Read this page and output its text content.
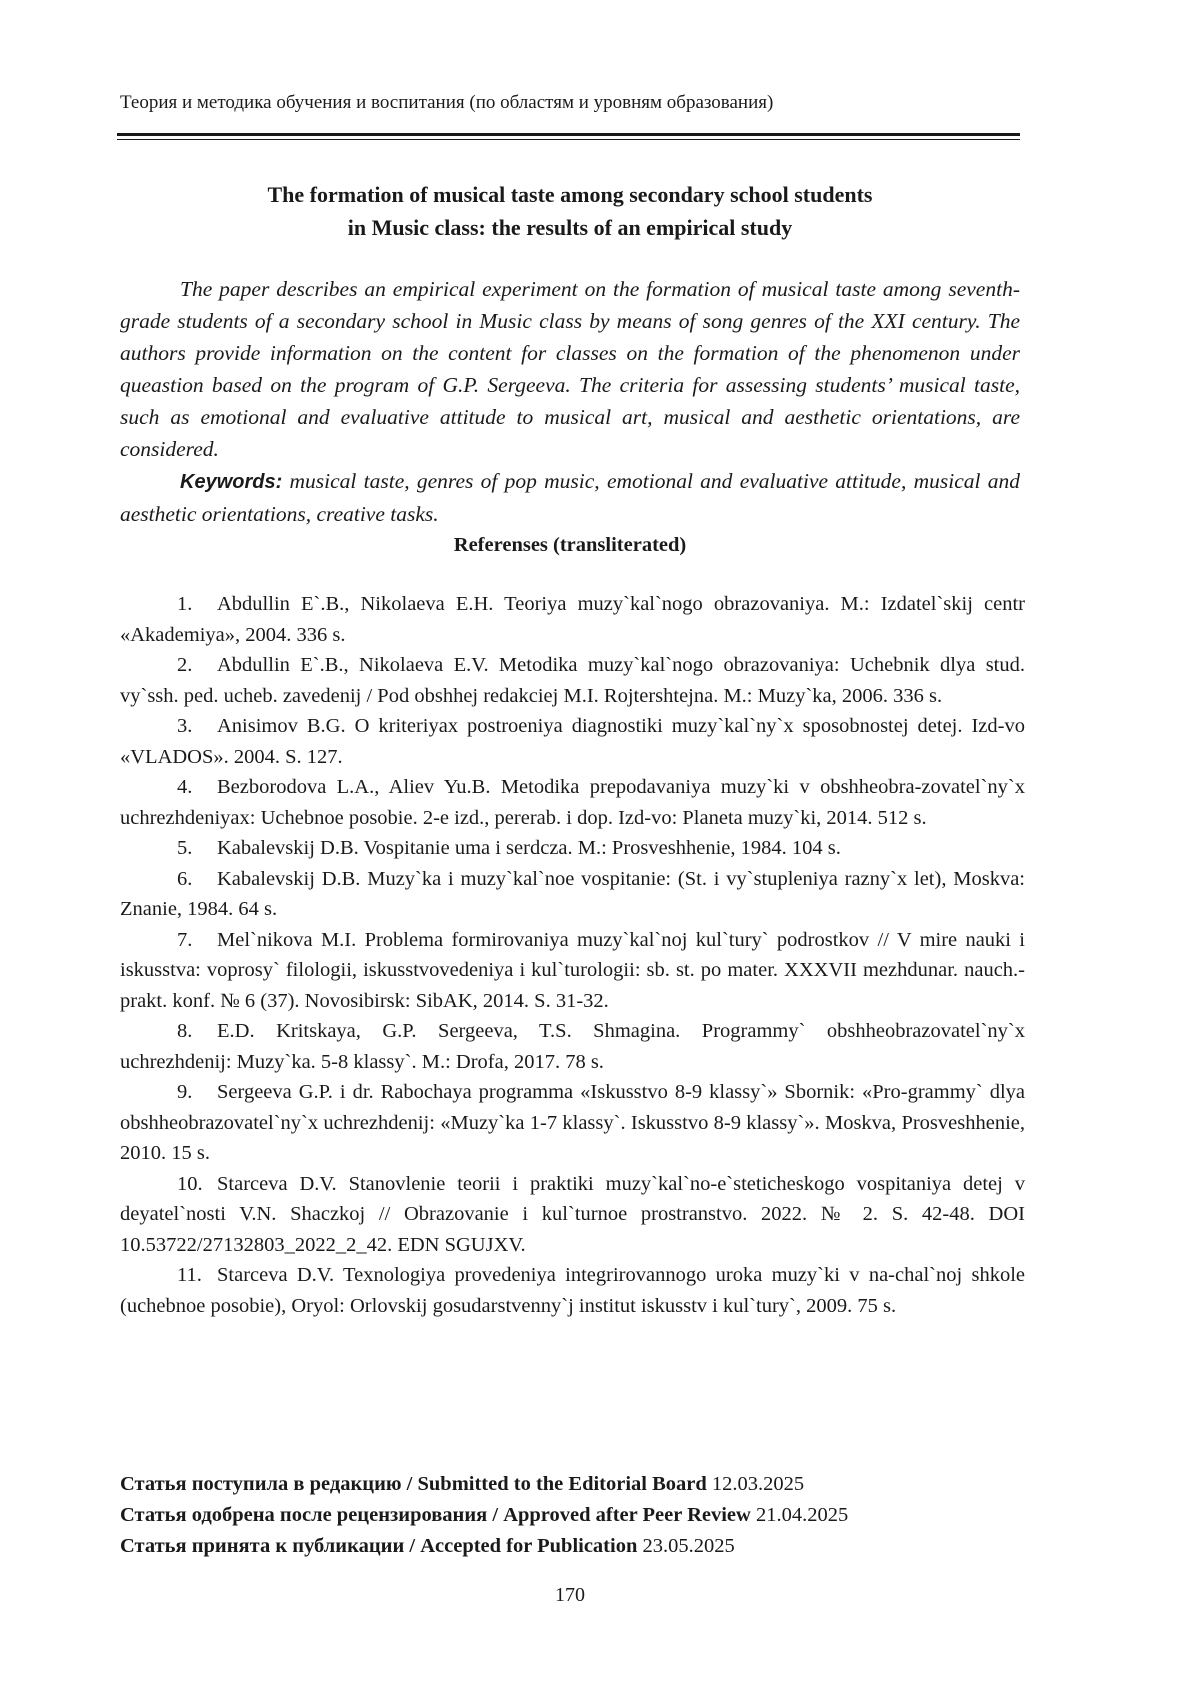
Теория и методика обучения и воспитания (по областям и уровням образования)
The formation of musical taste among secondary school students
in Music class: the results of an empirical study

The paper describes an empirical experiment on the formation of musical taste among seventh-grade students of a secondary school in Music class by means of song genres of the XXI century. The authors provide information on the content for classes on the formation of the phenomenon under queastion based on the program of G.P. Sergeeva. The criteria for assessing students’ musical taste, such as emotional and evaluative attitude to musical art, musical and aesthetic orientations, are considered.

Keywords: musical taste, genres of pop music, emotional and evaluative attitude, musical and aesthetic orientations, creative tasks.

Referenses (transliterated)

1. Abdullin E`.B., Nikolaeva E.H. Teoriya muzy`kal`nogo obrazovaniya. M.: Izdatel`skij centr «Akademiya», 2004. 336 s.

2. Abdullin E`.B., Nikolaeva E.V. Metodika muzy`kal`nogo obrazovaniya: Uchebnik dlya stud. vy`ssh. ped. ucheb. zavedenij / Pod obshhej redakciej M.I. Rojtershtejna. M.: Muzy`ka, 2006. 336 s.

3. Anisimov B.G. O kriteriyax postroeniya diagnostiki muzy`kal`ny`x sposobnostej detej. Izd-vo «VLADOS». 2004. S. 127.

4. Bezborodova L.A., Aliev Yu.B. Metodika prepodavaniya muzy`ki v obshheobra-zovatel`ny`x uchrezhdeniyax: Uchebnoe posobie. 2-e izd., pererab. i dop. Izd-vo: Planeta muzy`ki, 2014. 512 s.

5. Kabalevskij D.B. Vospitanie uma i serdcza. M.: Prosveshhenie, 1984. 104 s.

6. Kabalevskij D.B. Muzy`ka i muzy`kal`noe vospitanie: (St. i vy`stupleniya razny`x let), Moskva: Znanie, 1984. 64 s.

7. Mel`nikova M.I. Problema formirovaniya muzy`kal`noj kul`tury` podrostkov // V mire nauki i iskusstva: voprosy` filologii, iskusstvovedeniya i kul`turologii: sb. st. po mater. XXXVII mezhdunar. nauch.-prakt. konf. № 6 (37). Novosibirsk: SibAK, 2014. S. 31-32.

8. E.D. Kritskaya, G.P. Sergeeva, T.S. Shmagina. Programmy` obshheobrazovatel`ny`x uchrezhdenij: Muzy`ka. 5-8 klassy`. M.: Drofa, 2017. 78 s.

9. Sergeeva G.P. i dr. Rabochaya programma «Iskusstvo 8-9 klassy`» Sbornik: «Pro-grammy` dlya obshheobrazovatel`ny`x uchrezhdenij: «Muzy`ka 1-7 klassy`. Iskusstvo 8-9 klassy`». Moskva, Prosveshhenie, 2010. 15 s.

10. Starceva D.V. Stanovlenie teorii i praktiki muzy`kal`no-e`steticheskogo vospitaniya detej v deyatel`nosti V.N. Shaczkoj // Obrazovanie i kul`turnoe prostranstvo. 2022. № 2. S. 42-48. DOI 10.53722/27132803_2022_2_42. EDN SGUJXV.

11. Starceva D.V. Texnologiya provedeniya integrirovannogo uroka muzy`ki v na-chal`noj shkole (uchebnoe posobie), Oryol: Orlovskij gosudarstvenny`j institut iskusstv i kul`tury`, 2009. 75 s.

Статья поступила в редакцию / Submitted to the Editorial Board 12.03.2025
Статья одобрена после рецензирования / Approved after Peer Review 21.04.2025
Статья принята к публикации / Accepted for Publication 23.05.2025
170
